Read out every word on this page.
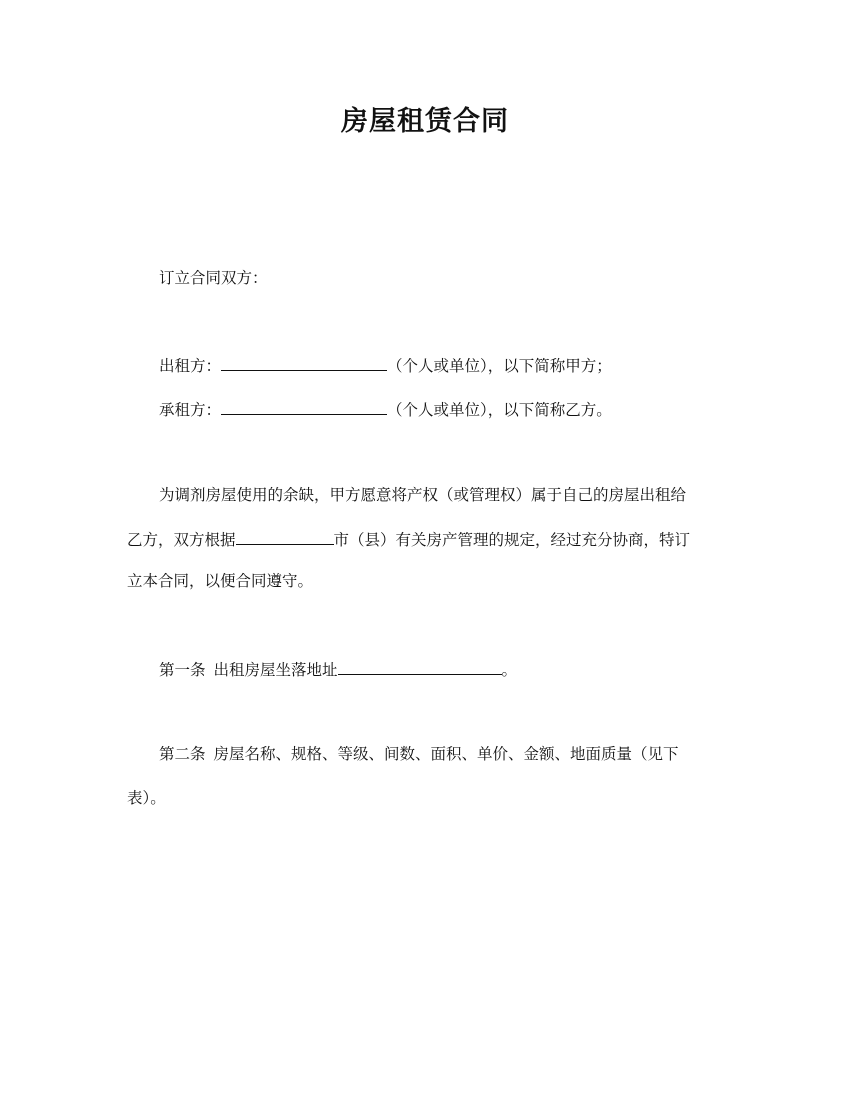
房屋租赁合同
订立合同双方：
出租方：	（个人或单位），以下简称甲方；
承租方：	（个人或单位），以下简称乙方。
为调剂房屋使用的余缺，甲方愿意将产权（或管理权）属于自己的房屋出租给
乙方，双方根据	市（县）有关房产管理的规定，经过充分协商，特订
立本合同，以便合同遵守。
第一条 出租房屋坐落地址	。
第二条 房屋名称、规格、等级、间数、面积、单价、金额、地面质量（见下
表）。
